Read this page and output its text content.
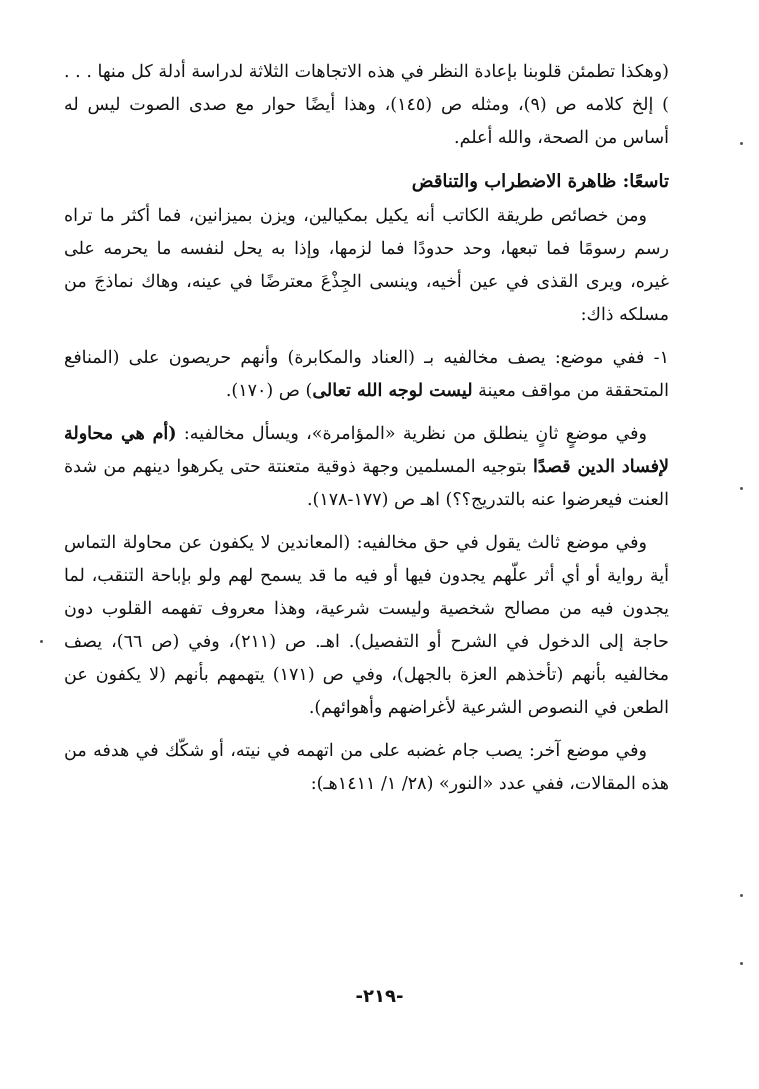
(وهكذا تطمئن قلوبنا بإعادة النظر في هذه الاتجاهات الثلاثة لدراسة أدلة كل منها . . . ) إلخ كلامه ص (٩)، ومثله ص (١٤٥)، وهذا أيضًا حوار مع صدى الصوت ليس له أساس من الصحة، والله أعلم.

تاسعًا: ظاهرة الاضطراب والتناقض

ومن خصائص طريقة الكاتب أنه يكيل بمكيالين، ويزن بميزانين، فما أكثر ما تراه رسم رسومًا فما تبعها، وحد حدودًا فما لزمها، وإذا به يحل لنفسه ما يحرمه على غيره، ويرى القذى في عين أخيه، وينسى الجِذْعَ معترضًا في عينه، وهاك نماذجَ من مسلكه ذاك:

١- ففي موضع: يصف مخالفيه بـ (العناد والمكابرة) وأنهم حريصون على (المنافع المتحققة من مواقف معينة ليست لوجه الله تعالى) ص (١٧٠).

وفي موضعٍ ثانٍ ينطلق من نظرية «المؤامرة»، ويسأل مخالفيه: (أم هي محاولة لإفساد الدين قصدًا بتوجيه المسلمين وجهة ذوقية متعنتة حتى يكرهوا دينهم من شدة العنت فيعرضوا عنه بالتدريج؟؟) اهـ ص (١٧٧-١٧٨).

وفي موضع ثالث يقول في حق مخالفيه: (المعاندين لا يكفون عن محاولة التماس أية رواية أو أي أثر علّهم يجدون فيها أو فيه ما قد يسمح لهم ولو بإباحة التنقب، لما يجدون فيه من مصالح شخصية وليست شرعية، وهذا معروف تفهمه القلوب دون حاجة إلى الدخول في الشرح أو التفصيل). اهـ. ص (٢١١)، وفي (ص ٦٦)، يصف مخالفيه بأنهم (تأخذهم العزة بالجهل)، وفي ص (١٧١) يتهمهم بأنهم (لا يكفون عن الطعن في النصوص الشرعية لأغراضهم وأهوائهم).

وفي موضع آخر: يصب جام غضبه على من اتهمه في نيته، أو شكّك في هدفه من هذه المقالات، ففي عدد «النور» (٢٨/ ١/ ١٤١١هـ):

-٢١٩-
